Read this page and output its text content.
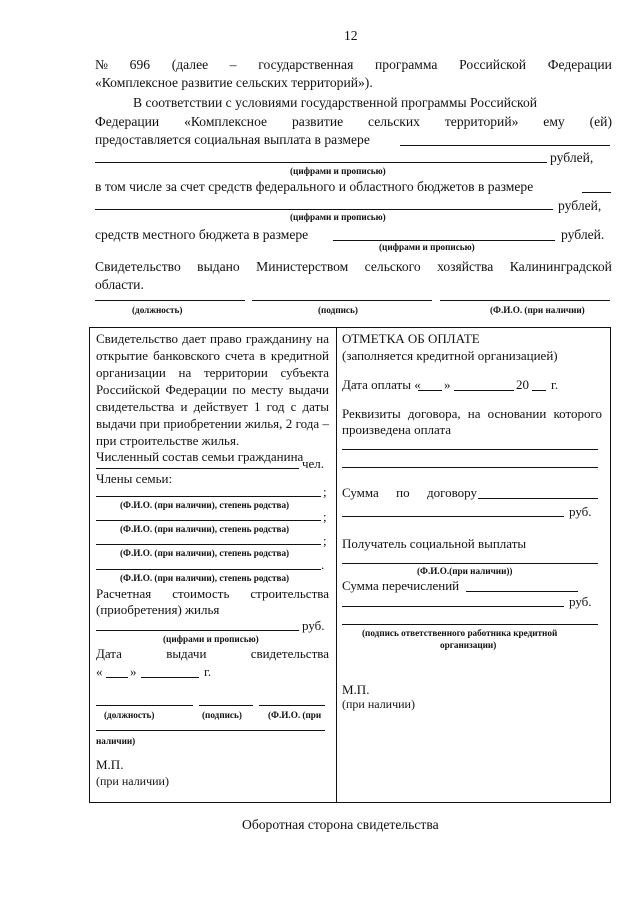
12
№ 696 (далее – государственная программа Российской Федерации
«Комплексное развитие сельских территорий»).
В соответствии с условиями государственной программы Российской
Федерации «Комплексное развитие сельских территорий» ему (ей)
предоставляется социальная выплата в размере
рублей,
(цифрами и прописью)
в том числе за счет средств федерального и областного бюджетов в размере
рублей,
(цифрами и прописью)
средств местного бюджета в размере	рублей.
(цифрами и прописью)
Свидетельство выдано Министерством сельского хозяйства Калининградской
области.
(должность)	(подпись)	(Ф.И.О. (при наличии)
Свидетельство дает право гражданину на
открытие банковского счета в кредитной
организации на территории субъекта
Российской Федерации по месту выдачи
свидетельства и действует 1 год с даты
выдачи при приобретении жилья, 2 года –
при строительстве жилья.
Численный состав семьи гражданина
чел.
Члены семьи:
;
(Ф.И.О. (при наличии), степень родства)
;
(Ф.И.О. (при наличии), степень родства)
;
(Ф.И.О. (при наличии), степень родства)
.
(Ф.И.О. (при наличии), степень родства)
Расчетная стоимость строительства
(приобретения) жилья
руб.
(цифрами и прописью)
Дата	выдачи	свидетельства
« »	г.
(должность)	(подпись)	(Ф.И.О. (при
наличии)
М.П.
(при наличии)
ОТМЕТКА ОБ ОПЛАТЕ
(заполняется кредитной организацией)
Дата оплаты « »	20 г.
Реквизиты договора, на основании которого
произведена оплата
Сумма по договору
руб.
Получатель социальной выплаты
(Ф.И.О.(при наличии))
Сумма перечислений
руб.
(подпись ответственного работника кредитной
организации)
М.П.
(при наличии)
Оборотная сторона свидетельства
